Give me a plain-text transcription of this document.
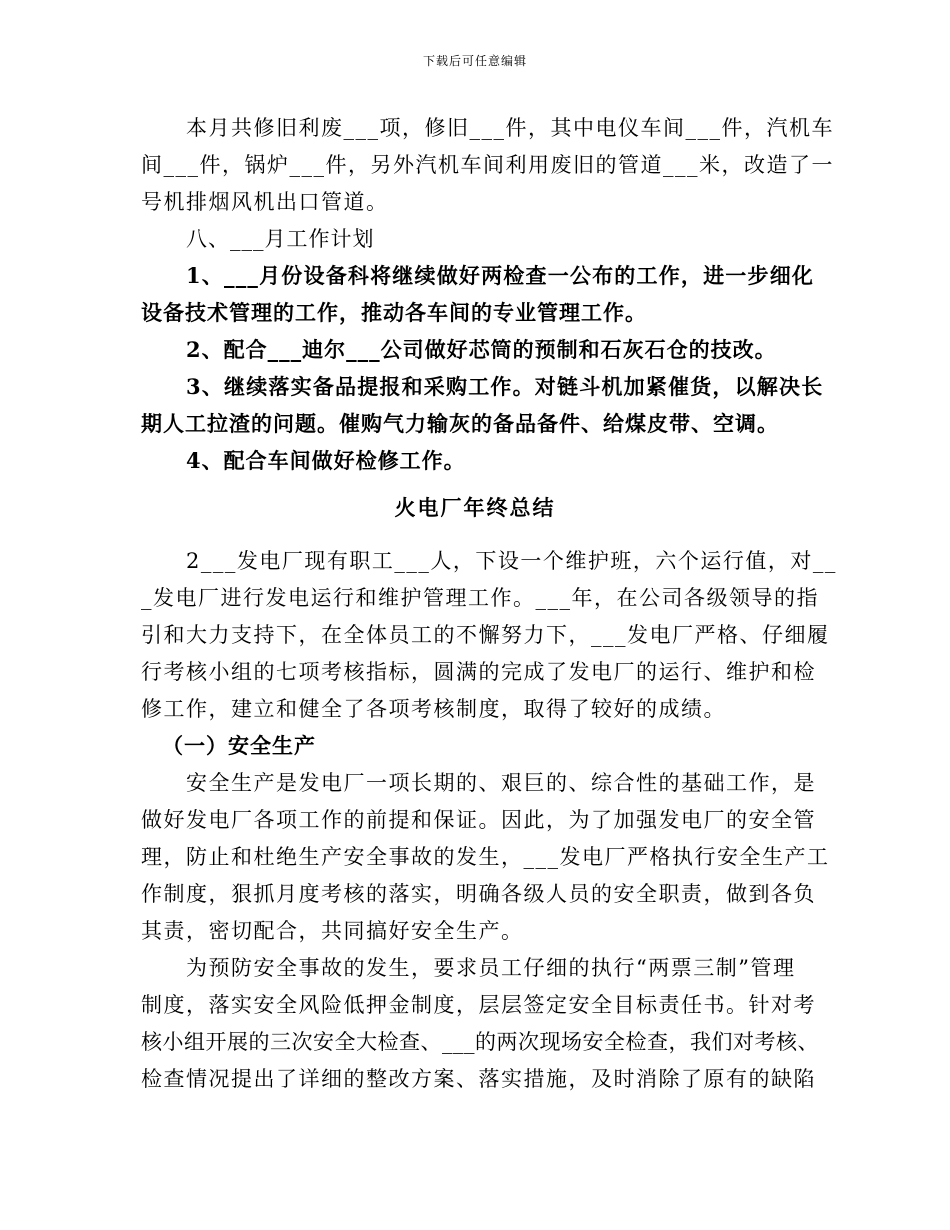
下载后可任意编辑
本月共修旧利废___项，修旧___件，其中电仪车间___件，汽机车
间___件，锅炉___件，另外汽机车间利用废旧的管道___米，改造了一
号机排烟风机出口管道。
八、___月工作计划
1、___月份设备科将继续做好两检查一公布的工作，进一步细化
设备技术管理的工作，推动各车间的专业管理工作。
2、配合___迪尔___公司做好芯筒的预制和石灰石仓的技改。
3、继续落实备品提报和采购工作。对链斗机加紧催货，以解决长
期人工拉渣的问题。催购气力输灰的备品备件、给煤皮带、空调。
4、配合车间做好检修工作。
火电厂年终总结
2___发电厂现有职工___人，下设一个维护班，六个运行值，对__
_发电厂进行发电运行和维护管理工作。___年，在公司各级领导的指
引和大力支持下，在全体员工的不懈努力下，___发电厂严格、仔细履
行考核小组的七项考核指标，圆满的完成了发电厂的运行、维护和检
修工作，建立和健全了各项考核制度，取得了较好的成绩。
（一）安全生产
安全生产是发电厂一项长期的、艰巨的、综合性的基础工作，是
做好发电厂各项工作的前提和保证。因此，为了加强发电厂的安全管
理，防止和杜绝生产安全事故的发生，___发电厂严格执行安全生产工
作制度，狠抓月度考核的落实，明确各级人员的安全职责，做到各负
其责，密切配合，共同搞好安全生产。
为预防安全事故的发生，要求员工仔细的执行“两票三制”管理
制度，落实安全风险低押金制度，层层签定安全目标责任书。针对考
核小组开展的三次安全大检查、___的两次现场安全检查，我们对考核、
检查情况提出了详细的整改方案、落实措施，及时消除了原有的缺陷
